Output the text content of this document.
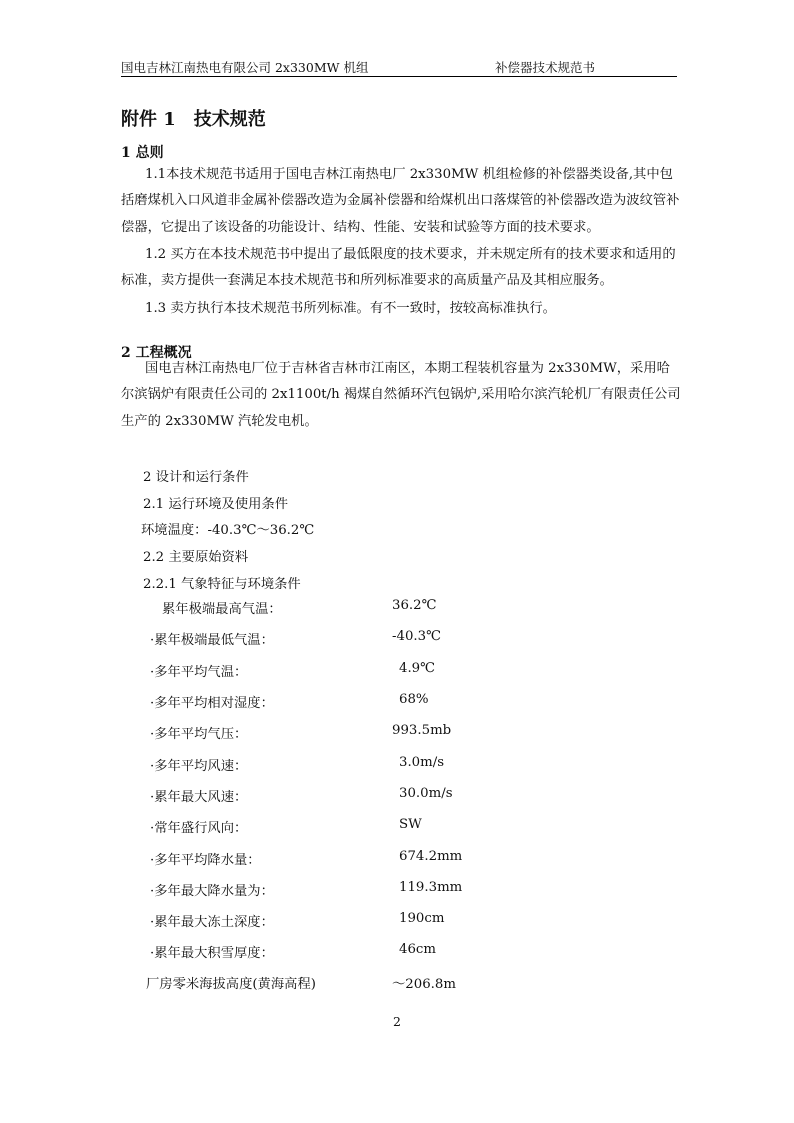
国电吉林江南热电有限公司 2x330MW 机组	补偿器技术规范书
附件 1 技术规范
1 总则
1.1本技术规范书适用于国电吉林江南热电厂 2x330MW 机组检修的补偿器类设备,其中包括磨煤机入口风道非金属补偿器改造为金属补偿器和给煤机出口落煤管的补偿器改造为波纹管补偿器，它提出了该设备的功能设计、结构、性能、安装和试验等方面的技术要求。
1.2 买方在本技术规范书中提出了最低限度的技术要求，并未规定所有的技术要求和适用的标准，卖方提供一套满足本技术规范书和所列标准要求的高质量产品及其相应服务。
1.3 卖方执行本技术规范书所列标准。有不一致时，按较高标准执行。
2 工程概况
国电吉林江南热电厂位于吉林省吉林市江南区，本期工程装机容量为 2x330MW，采用哈尔滨锅炉有限责任公司的 2x1100t/h 褐煤自然循环汽包锅炉,采用哈尔滨汽轮机厂有限责任公司生产的 2x330MW 汽轮发电机。
2 设计和运行条件
2.1 运行环境及使用条件
环境温度：-40.3℃～36.2℃
2.2 主要原始资料
2.2.1 气象特征与环境条件
累年极端最高气温：	36.2℃
·累年极端最低气温：	-40.3℃
·多年平均气温：	4.9℃
·多年平均相对湿度：	68%
·多年平均气压：	993.5mb
·多年平均风速：	3.0m/s
·累年最大风速：	30.0m/s
·常年盛行风向：	SW
·多年平均降水量：	674.2mm
·多年最大降水量为：	119.3mm
·累年最大冻土深度：	190cm
·累年最大积雪厚度：	46cm
厂房零米海拔高度(黄海高程)	～206.8m
2
